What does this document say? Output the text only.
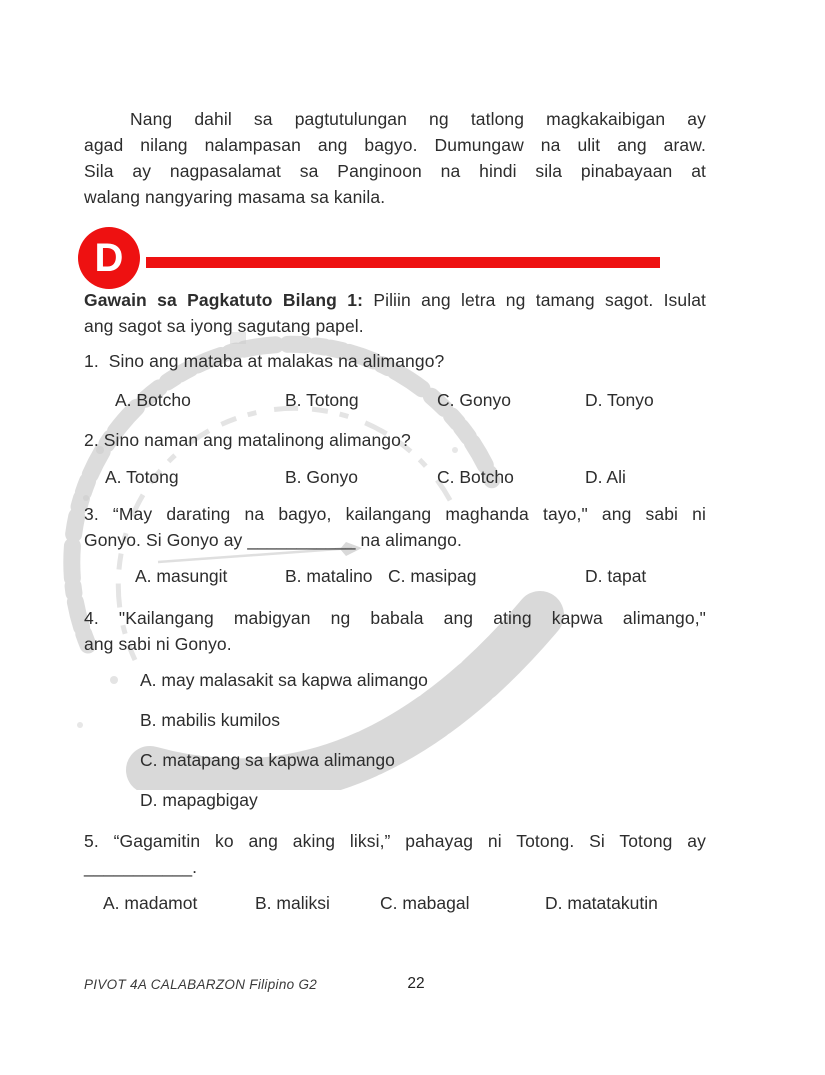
Nang dahil sa pagtutulungan ng tatlong magkakaibigan ay
agad nilang nalampasan ang bagyo. Dumungaw na ulit ang araw.
Sila ay nagpasalamat sa Panginoon na hindi sila pinabayaan at
walang nangyaring masama sa kanila.
D
Gawain sa Pagkatuto Bilang 1: Piliin ang letra ng tamang sagot. Isulat
ang sagot sa iyong sagutang papel.
1.  Sino ang mataba at malakas na alimango?
A. Botcho	B. Totong	C. Gonyo	D. Tonyo
2. Sino naman ang matalinong alimango?
A. Totong	B. Gonyo	C. Botcho	D. Ali
3. “May darating na bagyo, kailangang maghanda tayo," ang sabi ni
Gonyo. Si Gonyo ay ___________ na alimango.
A. masungit	B. matalino C. masipag	D. tapat
4. "Kailangang mabigyan ng babala ang ating kapwa alimango,"
ang sabi ni Gonyo.
A. may malasakit sa kapwa alimango
B. mabilis kumilos
C. matapang sa kapwa alimango
D. mapagbigay
5. “Gagamitin ko ang aking liksi,” pahayag ni Totong. Si Totong ay
___________.
A. madamot	B. maliksi	C. mabagal	D. matatakutin
PIVOT 4A CALABARZON Filipino G2	22
